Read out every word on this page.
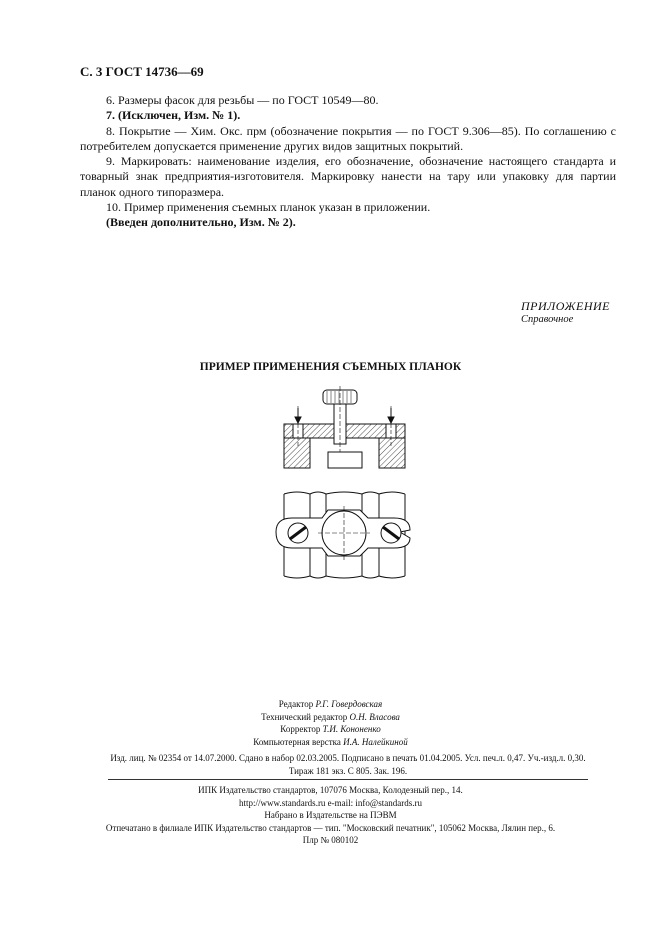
С. 3 ГОСТ 14736—69

6. Размеры фасок для резьбы — по ГОСТ 10549—80.

7. (Исключен, Изм. № 1).

8. Покрытие — Хим. Окс. прм (обозначение покрытия — по ГОСТ 9.306—85). По соглашению с потребителем допускается применение других видов защитных покрытий.

9. Маркировать: наименование изделия, его обозначение, обозначение настоящего стандарта и товарный знак предприятия-изготовителя. Маркировку нанести на тару или упаковку для партии планок одного типоразмера.

10. Пример применения съемных планок указан в приложении.

(Введен дополнительно, Изм. № 2).

ПРИЛОЖЕНИЕ
Справочное
ПРИМЕР ПРИМЕНЕНИЯ СЪЕМНЫХ ПЛАНОК
Редактор Р.Г. Говердовская
Технический редактор О.Н. Власова
Корректор Т.И. Кононенко
Компьютерная верстка И.А. Налейкиной
Изд. лиц. № 02354 от 14.07.2000. Сдано в набор 02.03.2005. Подписано в печать 01.04.2005. Усл. печ.л. 0,47. Уч.-изд.л. 0,30.
Тираж 181 экз. С 805. Зак. 196.
ИПК Издательство стандартов, 107076 Москва, Колодезный пер., 14.
http://www.standards.ru e-mail: info@standards.ru
Набрано в Издательстве на ПЭВМ
Отпечатано в филиале ИПК Издательство стандартов — тип. "Московский печатник", 105062 Москва, Лялин пер., 6.
Плр № 080102
